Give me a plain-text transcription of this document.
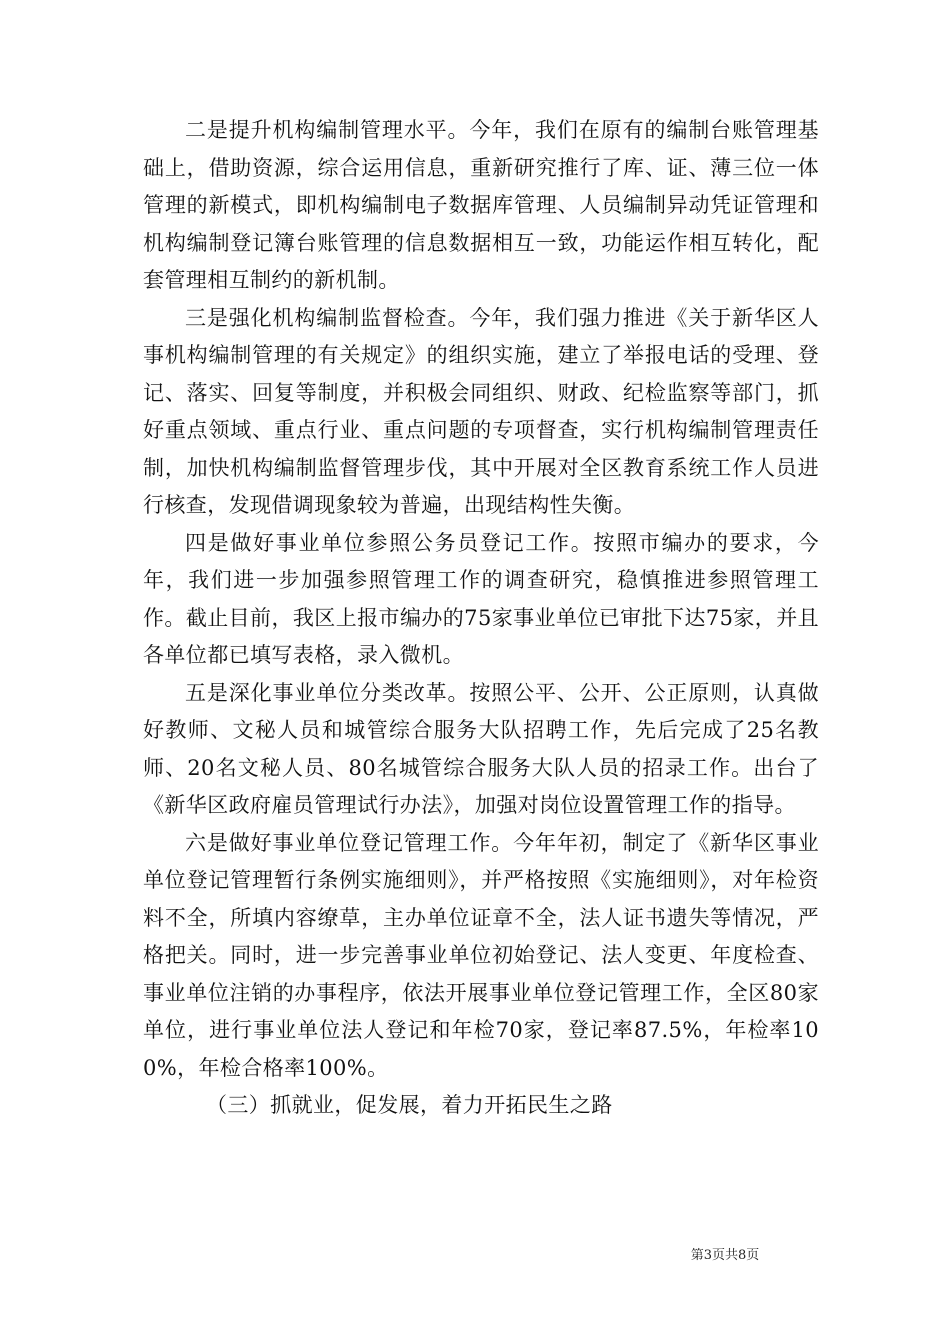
二是提升机构编制管理水平。今年，我们在原有的编制台账管理基础上，借助资源，综合运用信息，重新研究推行了库、证、薄三位一体管理的新模式，即机构编制电子数据库管理、人员编制异动凭证管理和机构编制登记簿台账管理的信息数据相互一致，功能运作相互转化，配套管理相互制约的新机制。

三是强化机构编制监督检查。今年，我们强力推进《关于新华区人事机构编制管理的有关规定》的组织实施，建立了举报电话的受理、登记、落实、回复等制度，并积极会同组织、财政、纪检监察等部门，抓好重点领域、重点行业、重点问题的专项督查，实行机构编制管理责任制，加快机构编制监督管理步伐，其中开展对全区教育系统工作人员进行核查，发现借调现象较为普遍，出现结构性失衡。

四是做好事业单位参照公务员登记工作。按照市编办的要求，今年，我们进一步加强参照管理工作的调查研究，稳慎推进参照管理工作。截止目前，我区上报市编办的75家事业单位已审批下达75家，并且各单位都已填写表格，录入微机。

五是深化事业单位分类改革。按照公平、公开、公正原则，认真做好教师、文秘人员和城管综合服务大队招聘工作，先后完成了25名教师、20名文秘人员、80名城管综合服务大队人员的招录工作。出台了《新华区政府雇员管理试行办法》，加强对岗位设置管理工作的指导。

六是做好事业单位登记管理工作。今年年初，制定了《新华区事业单位登记管理暂行条例实施细则》，并严格按照《实施细则》，对年检资料不全，所填内容缭草，主办单位证章不全，法人证书遗失等情况，严格把关。同时，进一步完善事业单位初始登记、法人变更、年度检查、事业单位注销的办事程序，依法开展事业单位登记管理工作，全区80家单位，进行事业单位法人登记和年检70家，登记率87.5%，年检率100%，年检合格率100%。

（三）抓就业，促发展，着力开拓民生之路

第3页共8页
